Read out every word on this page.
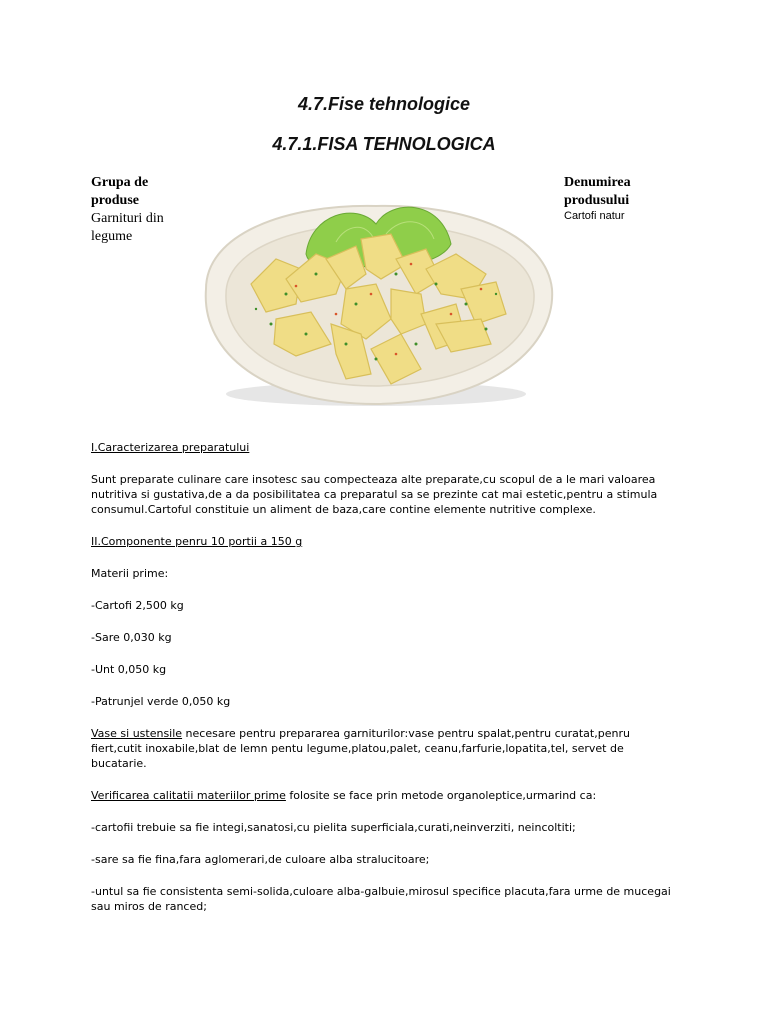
4.7.Fise tehnologice
4.7.1.FISA TEHNOLOGICA
Grupa de
produse
Garnituri din
legume
Denumirea
produsului
Cartofi natur

I.Caracterizarea preparatului

Sunt preparate culinare care insotesc sau compecteaza alte preparate,cu scopul de a le mari valoarea nutritiva si gustativa,de a da posibilitatea ca preparatul sa se prezinte cat mai estetic,pentru a stimula consumul.Cartoful constituie un aliment de baza,care contine elemente nutritive complexe.

II.Componente penru 10 portii a 150 g

Materii prime:

-Cartofi 2,500 kg

-Sare 0,030 kg

-Unt 0,050 kg

-Patrunjel verde 0,050 kg

Vase si ustensile necesare pentru prepararea garniturilor:vase pentru spalat,pentru curatat,penru fiert,cutit inoxabile,blat de lemn pentu legume,platou,palet, ceanu,farfurie,lopatita,tel, servet de bucatarie.

Verificarea calitatii materiilor prime folosite se face prin metode organoleptice,urmarind ca:

-cartofii trebuie sa fie integi,sanatosi,cu pielita superficiala,curati,neinverziti, neincoltiti;

-sare sa fie fina,fara aglomerari,de culoare alba stralucitoare;

-untul sa fie consistenta semi-solida,culoare alba-galbuie,mirosul specifice placuta,fara urme de mucegai sau miros de ranced;
